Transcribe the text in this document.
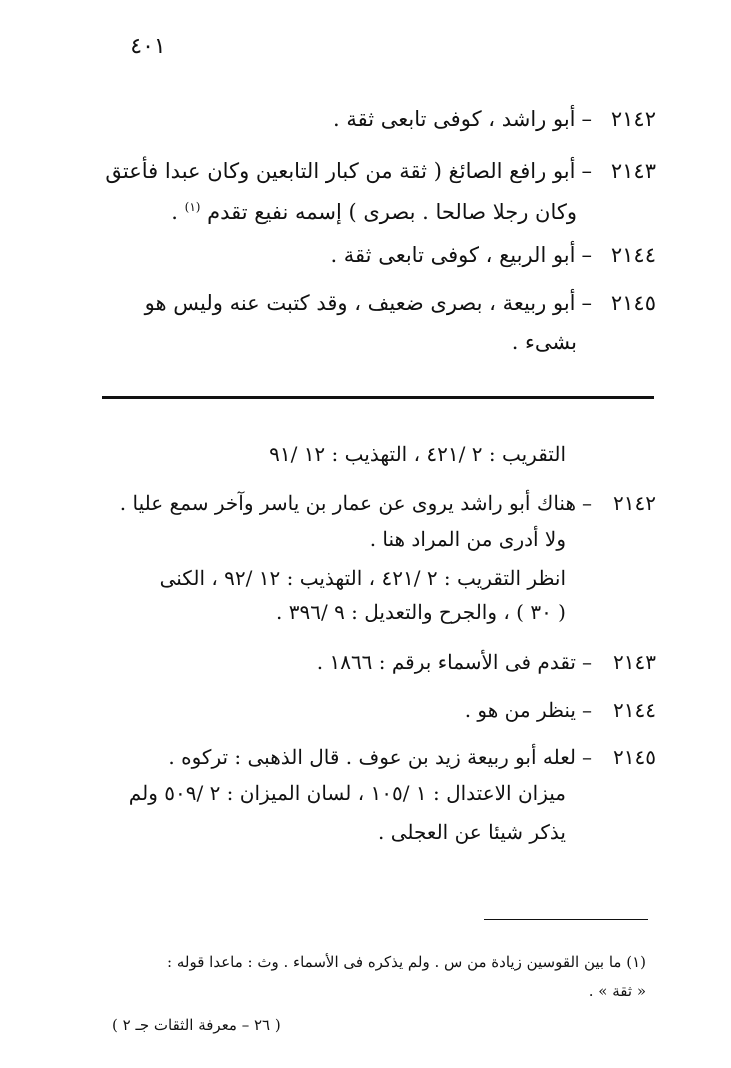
٤٠١
٢١٤٢–أبو راشد ، كوفى تابعى ثقة .
٢١٤٣–أبو رافع الصائغ ( ثقة من كبار التابعين وكان عبدا فأعتق
وكان رجلا صالحا . بصرى ) إسمه نفيع تقدم $^{(١)}$ .
٢١٤٤–أبو الربيع ، كوفى تابعى ثقة .
٢١٤٥–أبو ربيعة ، بصرى ضعيف ، وقد كتبت عنه وليس هو
بشىء .
التقريب : ٢ /٤٢١ ، التهذيب : ١٢ /٩١
٢١٤٢–هناك أبو راشد يروى عن عمار بن ياسر وآخر سمع عليا .
ولا أدرى من المراد هنا .
انظر التقريب : ٢ /٤٢١ ، التهذيب : ١٢ /٩٢ ، الكنى
( ٣٠ ) ، والجرح والتعديل : ٩ /٣٩٦ .
٢١٤٣–تقدم فى الأسماء برقم : ١٨٦٦ .
٢١٤٤–ينظر من هو .
٢١٤٥–لعله أبو ربيعة زيد بن عوف . قال الذهبى : تركوه .
ميزان الاعتدال : ١ /١٠٥ ، لسان الميزان : ٢ /٥٠٩ ولم
يذكر شيئا عن العجلى .
(١) ما بين القوسين زيادة من س . ولم يذكره فى الأسماء . وث : ماعدا قوله :
« ثقة » .
( ٢٦ – معرفة الثقات جـ ٢ )
